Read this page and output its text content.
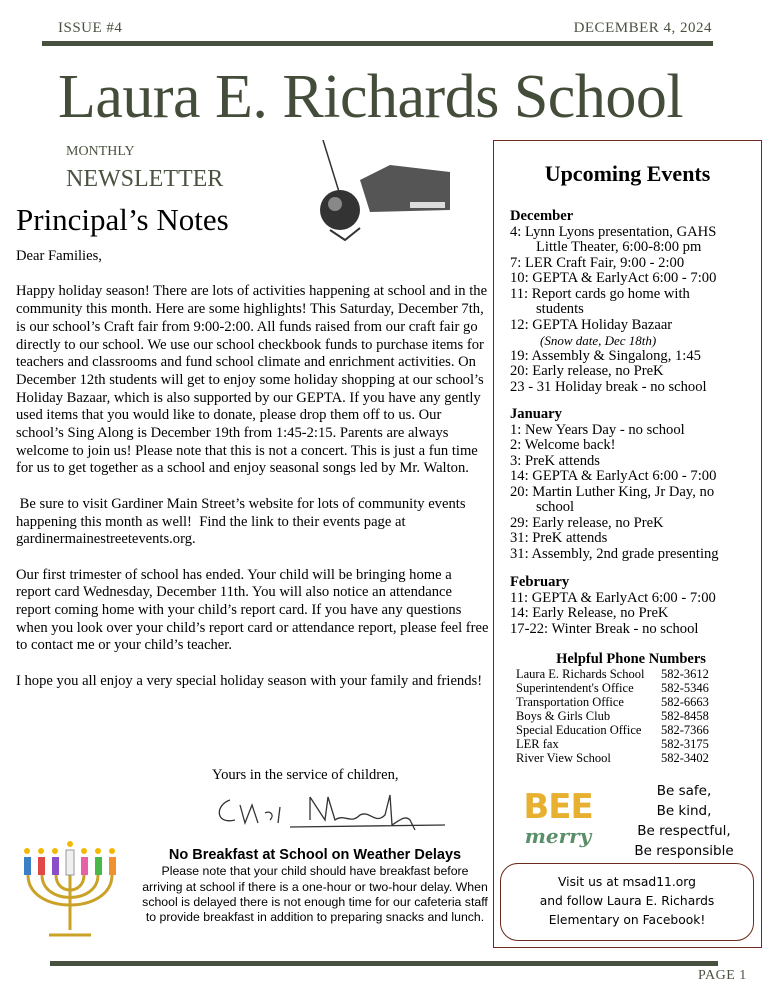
ISSUE #4	DECEMBER 4, 2024
Laura E. Richards School
MONTHLY
NEWSLETTER
Principal’s Notes

Dear Families,

Happy holiday season! There are lots of activities happening at school and in the community this month. Here are some highlights! This Saturday, December 7th, is our school’s Craft fair from 9:00-2:00. All funds raised from our craft fair go directly to our school. We use our school checkbook funds to purchase items for teachers and classrooms and fund school climate and enrichment activities. On December 12th students will get to enjoy some holiday shopping at our school’s Holiday Bazaar, which is also supported by our GEPTA. If you have any gently used items that you would like to donate, please drop them off to us. Our school’s Sing Along is December 19th from 1:45-2:15. Parents are always welcome to join us! Please note that this is not a concert. This is just a fun time for us to get together as a school and enjoy seasonal songs led by Mr. Walton.

Be sure to visit Gardiner Main Street’s website for lots of community events happening this month as well!  Find the link to their events page at  gardinermainestreetevents.org.

Our first trimester of school has ended. Your child will be bringing home a report card Wednesday, December 11th. You will also notice an attendance report coming home with your child’s report card. If you have any questions when you look over your child’s report card or attendance report, please feel free to contact me or your child’s teacher.

I hope you all enjoy a very special holiday season with your family and friends!

Yours in the service of children,
No Breakfast at School on Weather Delays
Please note that your child should have breakfast before arriving at school if there is a one-hour or two-hour delay. When school is delayed there is not enough time for our cafeteria staff to provide breakfast in addition to preparing snacks and lunch.
Upcoming Events
December
4: Lynn Lyons presentation, GAHS
Little Theater, 6:00-8:00 pm
7: LER Craft Fair, 9:00 - 2:00
10: GEPTA & EarlyAct 6:00 - 7:00
11: Report cards go home with
students
12: GEPTA Holiday Bazaar
(Snow date, Dec 18th)
19: Assembly & Singalong, 1:45
20: Early release, no PreK
23 - 31 Holiday break - no school
January
1: New Years Day - no school
2: Welcome back!
3: PreK attends
14: GEPTA & EarlyAct 6:00 - 7:00
20: Martin Luther King, Jr Day, no
school
29: Early release, no PreK
31: PreK attends
31: Assembly, 2nd grade presenting
February
11: GEPTA & EarlyAct 6:00 - 7:00
14: Early Release, no PreK
17-22: Winter Break - no school
Helpful Phone Numbers
Laura E. Richards School	582-3612
Superintendent's Office	582-5346
Transportation Office	582-6663
Boys & Girls Club	582-8458
Special Education Office	582-7366
LER fax	582-3175
River View School	582-3402
BEE
merry
Be safe,
Be kind,
Be respectful,
Be responsible
Visit us at msad11.org
and follow Laura E. Richards
Elementary on Facebook!
PAGE 1
